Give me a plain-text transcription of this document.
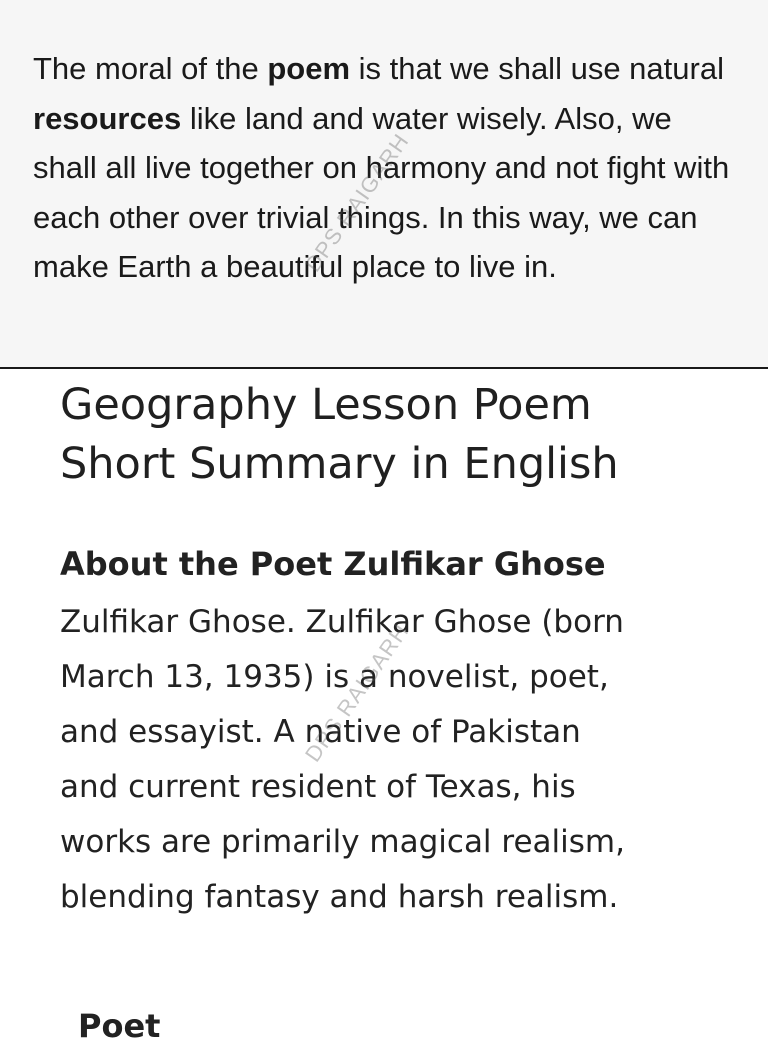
The moral of the poem is that we shall use natural resources like land and water wisely. Also, we shall all live together on harmony and not fight with each other over trivial things. In this way, we can make Earth a beautiful place to live in.

Geography Lesson Poem
Short Summary in English
About the Poet Zulfikar Ghose

Zulfikar Ghose. Zulfikar Ghose (born
March 13, 1935) is a novelist, poet,
and essayist. A native of Pakistan
and current resident of Texas, his
works are primarily magical realism,
blending fantasy and harsh realism.

Poet
DPS RAIGARH
DPS RAIGARH
